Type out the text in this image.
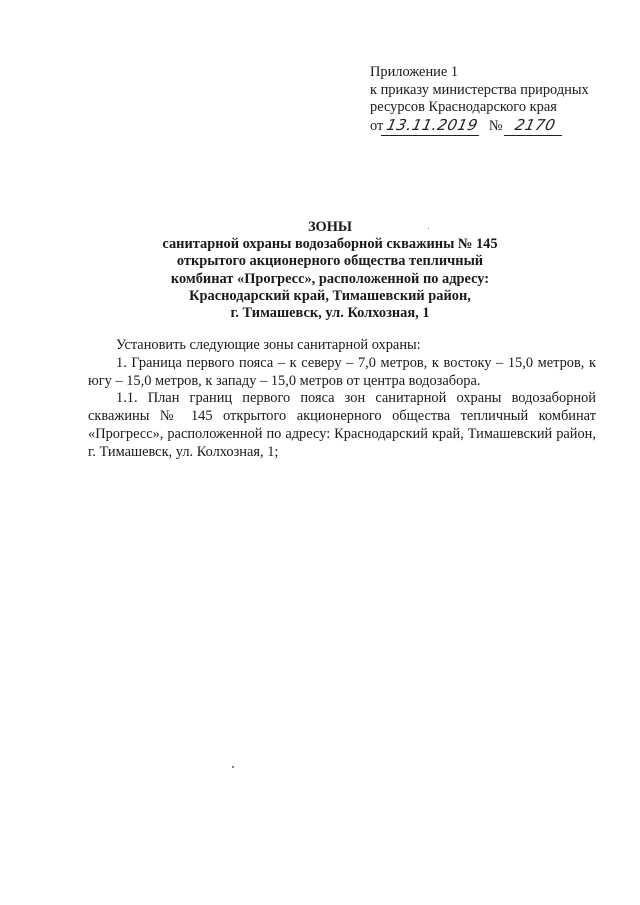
Приложение 1
к приказу министерства природных
ресурсов Краснодарского края
от 13.11.2019 № 2170
ЗОНЫ
санитарной охраны водозаборной скважины № 145
открытого акционерного общества тепличный
комбинат «Прогресс», расположенной по адресу:
Краснодарский край, Тимашевский район,
г. Тимашевск, ул. Колхозная, 1

Установить следующие зоны санитарной охраны:

1. Граница первого пояса – к северу – 7,0 метров, к востоку – 15,0 метров, к югу – 15,0 метров, к западу – 15,0 метров от центра водозабора.

1.1. План границ первого пояса зон санитарной охраны водозаборной скважины № 145 открытого акционерного общества тепличный комбинат «Прогресс», расположенной по адресу: Краснодарский край, Тимашевский район, г. Тимашевск, ул. Колхозная, 1;
